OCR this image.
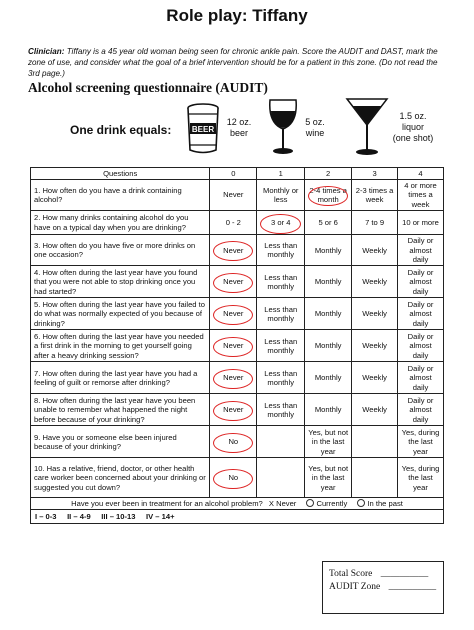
Role play: Tiffany
Clinician: Tiffany is a 45 year old woman being seen for chronic ankle pain. Score the AUDIT and DAST, mark the zone of use, and consider what the goal of a brief intervention should be for a patient in this zone. (Do not read the 3rd page.)
Alcohol screening questionnaire (AUDIT)
One drink equals:	BEER
12 oz.
beer
5 oz.
wine
1.5 oz.
liquor
(one shot)
Questions	0	1	2	3	4
1. How often do you have a drink containing alcohol?	Never	Monthly or less	2-4 times a month	2-3 times a week	4 or more times a week
2. How many drinks containing alcohol do you have on a typical day when you are drinking?	0 - 2	3 or 4	5 or 6	7 to 9	10 or more
3. How often do you have five or more drinks on one occasion?	Never	Less than monthly	Monthly	Weekly	Daily or almost daily
4. How often during the last year have you found that you were not able to stop drinking once you had started?	Never	Less than monthly	Monthly	Weekly	Daily or almost daily
5. How often during the last year have you failed to do what was normally expected of you because of drinking?	Never	Less than monthly	Monthly	Weekly	Daily or almost daily
6. How often during the last year have you needed a first drink in the morning to get yourself going after a heavy drinking session?	Never	Less than monthly	Monthly	Weekly	Daily or almost daily
7. How often during the last year have you had a feeling of guilt or remorse after drinking?	Never	Less than monthly	Monthly	Weekly	Daily or almost daily
8. How often during the last year have you been unable to remember what happened the night before because of your drinking?	Never	Less than monthly	Monthly	Weekly	Daily or almost daily
9. Have you or someone else been injured because of your drinking?	No		Yes, but not in the last year		Yes, during the last year
10. Has a relative, friend, doctor, or other health care worker been concerned about your drinking or suggested you cut down?	No		Yes, but not in the last year		Yes, during the last year
Have you ever been in treatment for an alcohol problem? X Never Currently In the past					
I – 0-3     II – 4-9     III – 10-13     IV – 14+					
Total Score __________
AUDIT Zone __________
